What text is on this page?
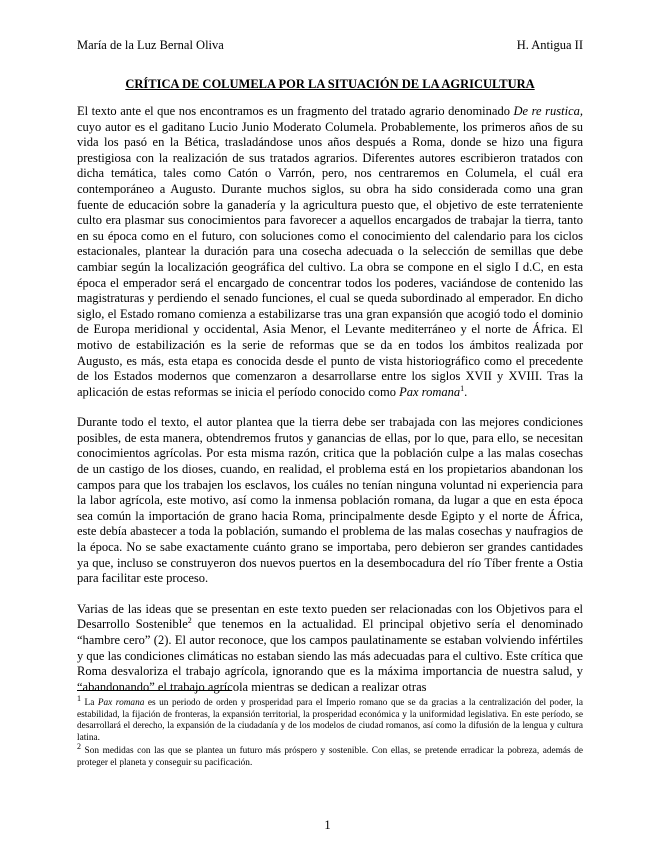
María de la Luz Bernal Oliva	H. Antigua II
CRÍTICA DE COLUMELA POR LA SITUACIÓN DE LA AGRICULTURA

El texto ante el que nos encontramos es un fragmento del tratado agrario denominado De re rustica, cuyo autor es el gaditano Lucio Junio Moderato Columela. Probablemente, los primeros años de su vida los pasó en la Bética, trasladándose unos años después a Roma, donde se hizo una figura prestigiosa con la realización de sus tratados agrarios. Diferentes autores escribieron tratados con dicha temática, tales como Catón o Varrón, pero, nos centraremos en Columela, el cuál era contemporáneo a Augusto. Durante muchos siglos, su obra ha sido considerada como una gran fuente de educación sobre la ganadería y la agricultura puesto que, el objetivo de este terrateniente culto era plasmar sus conocimientos para favorecer a aquellos encargados de trabajar la tierra, tanto en su época como en el futuro, con soluciones como el conocimiento del calendario para los ciclos estacionales, plantear la duración para una cosecha adecuada o la selección de semillas que debe cambiar según la localización geográfica del cultivo. La obra se compone en el siglo I d.C, en esta época el emperador será el encargado de concentrar todos los poderes, vaciándose de contenido las magistraturas y perdiendo el senado funciones, el cual se queda subordinado al emperador. En dicho siglo, el Estado romano comienza a estabilizarse tras una gran expansión que acogió todo el dominio de Europa meridional y occidental, Asia Menor, el Levante mediterráneo y el norte de África. El motivo de estabilización es la serie de reformas que se da en todos los ámbitos realizada por Augusto, es más, esta etapa es conocida desde el punto de vista historiográfico como el precedente de los Estados modernos que comenzaron a desarrollarse entre los siglos XVII y XVIII. Tras la aplicación de estas reformas se inicia el período conocido como Pax romana$^1$.

Durante todo el texto, el autor plantea que la tierra debe ser trabajada con las mejores condiciones posibles, de esta manera, obtendremos frutos y ganancias de ellas, por lo que, para ello, se necesitan conocimientos agrícolas. Por esta misma razón, critica que la población culpe a las malas cosechas de un castigo de los dioses, cuando, en realidad, el problema está en los propietarios abandonan los campos para que los trabajen los esclavos, los cuáles no tenían ninguna voluntad ni experiencia para la labor agrícola, este motivo, así como la inmensa población romana, da lugar a que en esta época sea común la importación de grano hacia Roma, principalmente desde Egipto y el norte de África, este debía abastecer a toda la población, sumando el problema de las malas cosechas y naufragios de la época. No se sabe exactamente cuánto grano se importaba, pero debieron ser grandes cantidades ya que, incluso se construyeron dos nuevos puertos en la desembocadura del río Tíber frente a Ostia para facilitar este proceso.

Varias de las ideas que se presentan en este texto pueden ser relacionadas con los Objetivos para el Desarrollo Sostenible$^2$ que tenemos en la actualidad. El principal objetivo sería el denominado “hambre cero” (2). El autor reconoce, que los campos paulatinamente se estaban volviendo infértiles y que las condiciones climáticas no estaban siendo las más adecuadas para el cultivo. Este crítica que Roma desvaloriza el trabajo agrícola, ignorando que es la máxima importancia de nuestra salud, y “abandonando” el trabajo agrícola mientras se dedican a realizar otras

$^1$ La Pax romana es un periodo de orden y prosperidad para el Imperio romano que se da gracias a la centralización del poder, la estabilidad, la fijación de fronteras, la expansión territorial, la prosperidad económica y la uniformidad legislativa. En este período, se desarrollará el derecho, la expansión de la ciudadanía y de los modelos de ciudad romanos, así como la difusión de la lengua y cultura latina.

$^2$ Son medidas con las que se plantea un futuro más próspero y sostenible. Con ellas, se pretende erradicar la pobreza, además de proteger el planeta y conseguir su pacificación.

1
